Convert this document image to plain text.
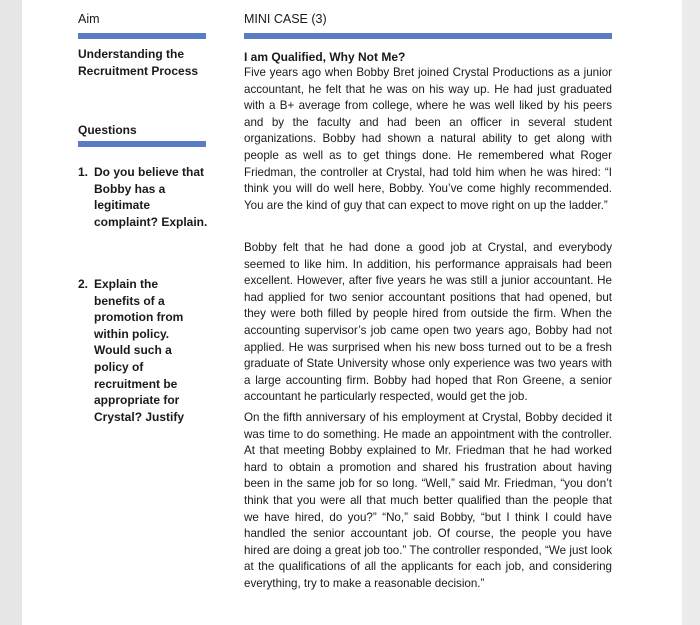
Aim	MINI CASE (3)
Understanding the Recruitment Process
Questions
1. Do you believe that Bobby has a legitimate complaint? Explain.
2. Explain the benefits of a promotion from within policy. Would such a policy of recruitment be appropriate for Crystal? Justify
I am Qualified, Why Not Me?

Five years ago when Bobby Bret joined Crystal Productions as a junior accountant, he felt that he was on his way up. He had just graduated with a B+ average from college, where he was well liked by his peers and by the faculty and had been an officer in several student organizations. Bobby had shown a natural ability to get along with people as well as to get things done. He remembered what Roger Friedman, the controller at Crystal, had told him when he was hired: “I think you will do well here, Bobby. You’ve come highly recommended. You are the kind of guy that can expect to move right on up the ladder.”

Bobby felt that he had done a good job at Crystal, and everybody seemed to like him. In addition, his performance appraisals had been excellent. However, after five years he was still a junior accountant. He had applied for two senior accountant positions that had opened, but they were both filled by people hired from outside the firm. When the accounting supervisor’s job came open two years ago, Bobby had not applied. He was surprised when his new boss turned out to be a fresh graduate of State University whose only experience was two years with a large accounting firm. Bobby had hoped that Ron Greene, a senior accountant he particularly respected, would get the job.

On the fifth anniversary of his employment at Crystal, Bobby decided it was time to do something. He made an appointment with the controller. At that meeting Bobby explained to Mr. Friedman that he had worked hard to obtain a promotion and shared his frustration about having been in the same job for so long. “Well,” said Mr. Friedman, “you don’t think that you were all that much better qualified than the people that we have hired, do you?” “No,” said Bobby, “but I think I could have handled the senior accountant job. Of course, the people you have hired are doing a great job too.” The controller responded, “We just look at the qualifications of all the applicants for each job, and considering everything, try to make a reasonable decision.”
